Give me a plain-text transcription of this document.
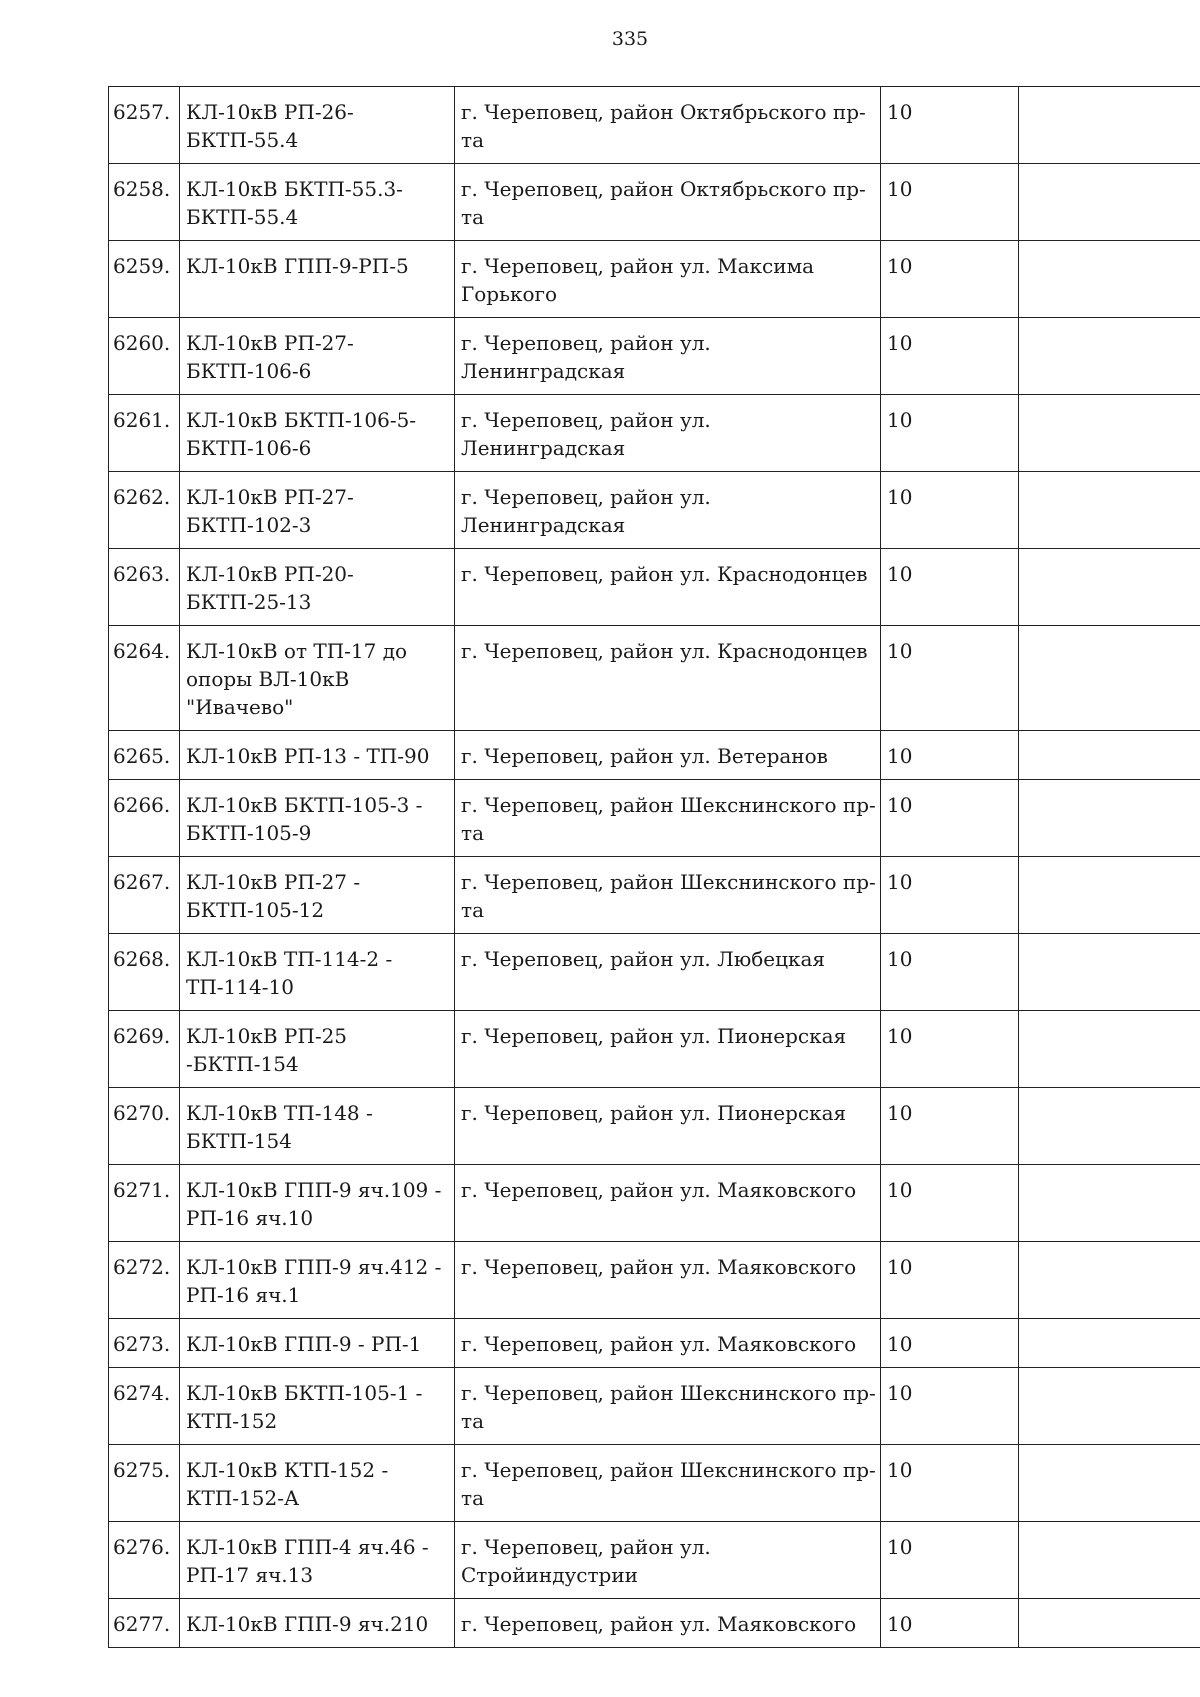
335
6257.	КЛ-10кВ РП-26-БКТП-55.4	г. Череповец, район Октябрьского пр-та	10	
6258.	КЛ-10кВ БКТП-55.3-БКТП-55.4	г. Череповец, район Октябрьского пр-та	10	
6259.	КЛ-10кВ ГПП-9-РП-5	г. Череповец, район ул. Максима Горького	10	
6260.	КЛ-10кВ РП-27-БКТП-106-6	г. Череповец, район ул. Ленинградская	10	
6261.	КЛ-10кВ БКТП-106-5-БКТП-106-6	г. Череповец, район ул. Ленинградская	10	
6262.	КЛ-10кВ РП-27-БКТП-102-3	г. Череповец, район ул. Ленинградская	10	
6263.	КЛ-10кВ РП-20-БКТП-25-13	г. Череповец, район ул. Краснодонцев	10	
6264.	КЛ-10кВ от ТП-17 до опоры ВЛ-10кВ "Ивачево"	г. Череповец, район ул. Краснодонцев	10	
6265.	КЛ-10кВ РП-13 - ТП-90	г. Череповец, район ул. Ветеранов	10	
6266.	КЛ-10кВ БКТП-105-3 - БКТП-105-9	г. Череповец, район Шекснинского пр-та	10	
6267.	КЛ-10кВ РП-27 - БКТП-105-12	г. Череповец, район Шекснинского пр-та	10	
6268.	КЛ-10кВ ТП-114-2 - ТП-114-10	г. Череповец, район ул. Любецкая	10	
6269.	КЛ-10кВ РП-25 -БКТП-154	г. Череповец, район ул. Пионерская	10	
6270.	КЛ-10кВ ТП-148 - БКТП-154	г. Череповец, район ул. Пионерская	10	
6271.	КЛ-10кВ ГПП-9 яч.109 - РП-16 яч.10	г. Череповец, район ул. Маяковского	10	
6272.	КЛ-10кВ ГПП-9 яч.412 - РП-16 яч.1	г. Череповец, район ул. Маяковского	10	
6273.	КЛ-10кВ ГПП-9 - РП-1	г. Череповец, район ул. Маяковского	10	
6274.	КЛ-10кВ БКТП-105-1 - КТП-152	г. Череповец, район Шекснинского пр-та	10	
6275.	КЛ-10кВ КТП-152 - КТП-152-А	г. Череповец, район Шекснинского пр-та	10	
6276.	КЛ-10кВ ГПП-4 яч.46 - РП-17 яч.13	г. Череповец, район ул. Стройиндустрии	10	
6277.	КЛ-10кВ ГПП-9 яч.210	г. Череповец, район ул. Маяковского	10	
